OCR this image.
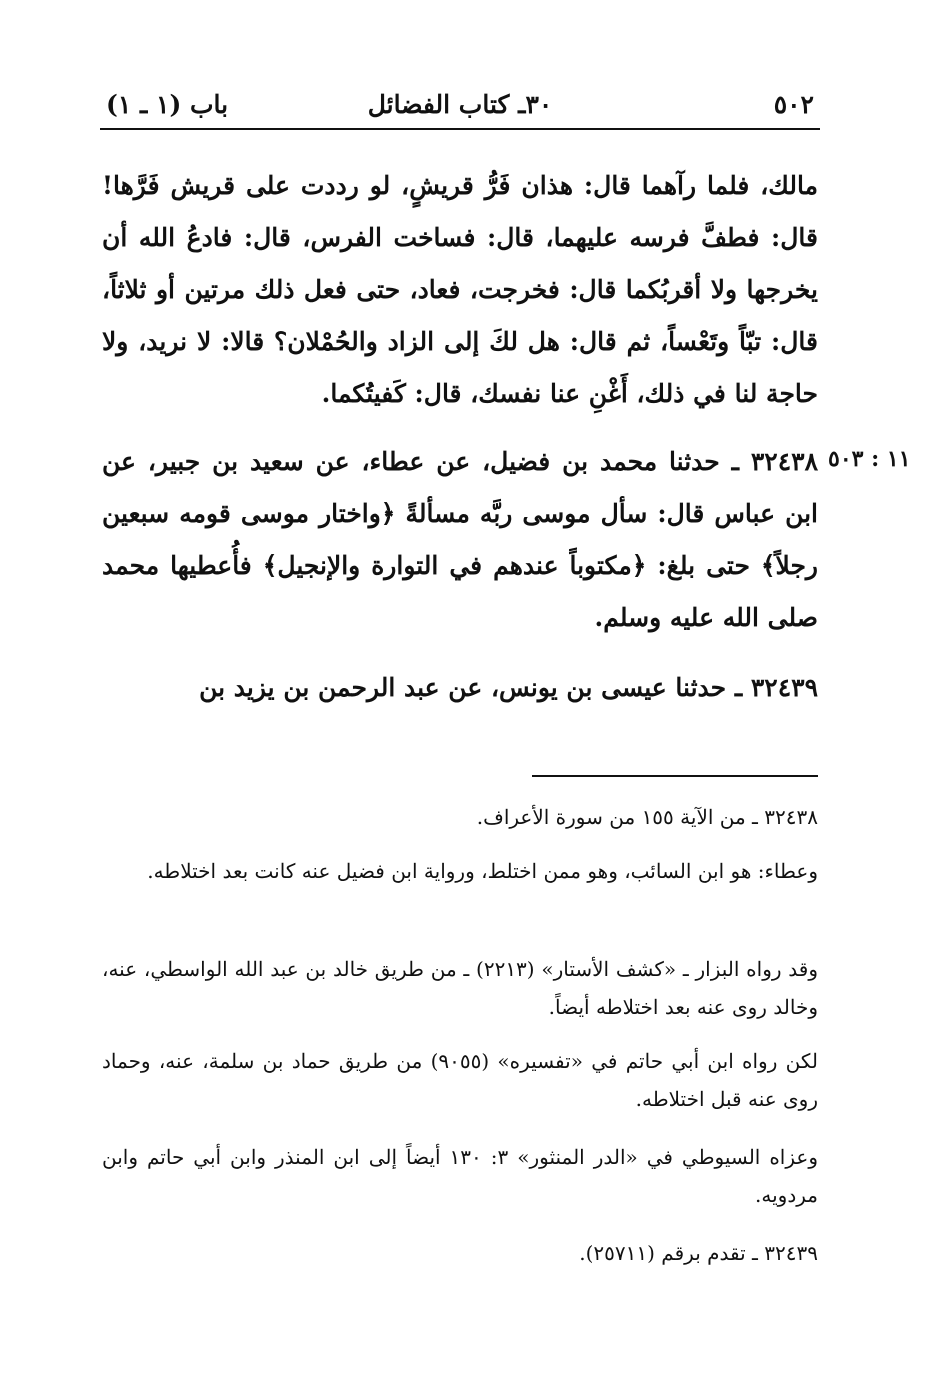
٥٠٢
٣٠ـ كتاب الفضائل
باب (١ ـ ١)
مالك، فلما رآهما قال: هذان فَرُّ قريشٍ، لو رددت على قريش فَرَّها! قال: فطفَّ فرسه عليهما، قال: فساخت الفرس، قال: فادعُ الله أن يخرجها ولا أقربُكما قال: فخرجت، فعاد، حتى فعل ذلك مرتين أو ثلاثاً، قال: تبّاً وتَعْساً، ثم قال: هل لكَ إلى الزاد والحُمْلان؟ قالا: لا نريد، ولا حاجة لنا في ذلك، أَغْنِ عنا نفسك، قال: كَفيتُكما.
١١ : ٥٠٣
٣٢٤٣٨ ـ حدثنا محمد بن فضيل، عن عطاء، عن سعيد بن جبير، عن ابن عباس قال: سأل موسى ربَّه مسألةً ﴿واختار موسى قومه سبعين رجلاً﴾ حتى بلغ: ﴿مكتوباً عندهم في التوارة والإنجيل﴾ فأُعطيها محمد صلى الله عليه وسلم.
٣٢٤٣٩ ـ حدثنا عيسى بن يونس، عن عبد الرحمن بن يزيد بن
٣٢٤٣٨ ـ من الآية ١٥٥ من سورة الأعراف.
وعطاء: هو ابن السائب، وهو ممن اختلط، ورواية ابن فضيل عنه كانت بعد اختلاطه.
وقد رواه البزار ـ «كشف الأستار» (٢٢١٣) ـ من طريق خالد بن عبد الله الواسطي، عنه، وخالد روى عنه بعد اختلاطه أيضاً.
لكن رواه ابن أبي حاتم في «تفسيره» (٩٠٥٥) من طريق حماد بن سلمة، عنه، وحماد روى عنه قبل اختلاطه.
وعزاه السيوطي في «الدر المنثور» ٣: ١٣٠ أيضاً إلى ابن المنذر وابن أبي حاتم وابن مردويه.
٣٢٤٣٩ ـ تقدم برقم (٢٥٧١١).
